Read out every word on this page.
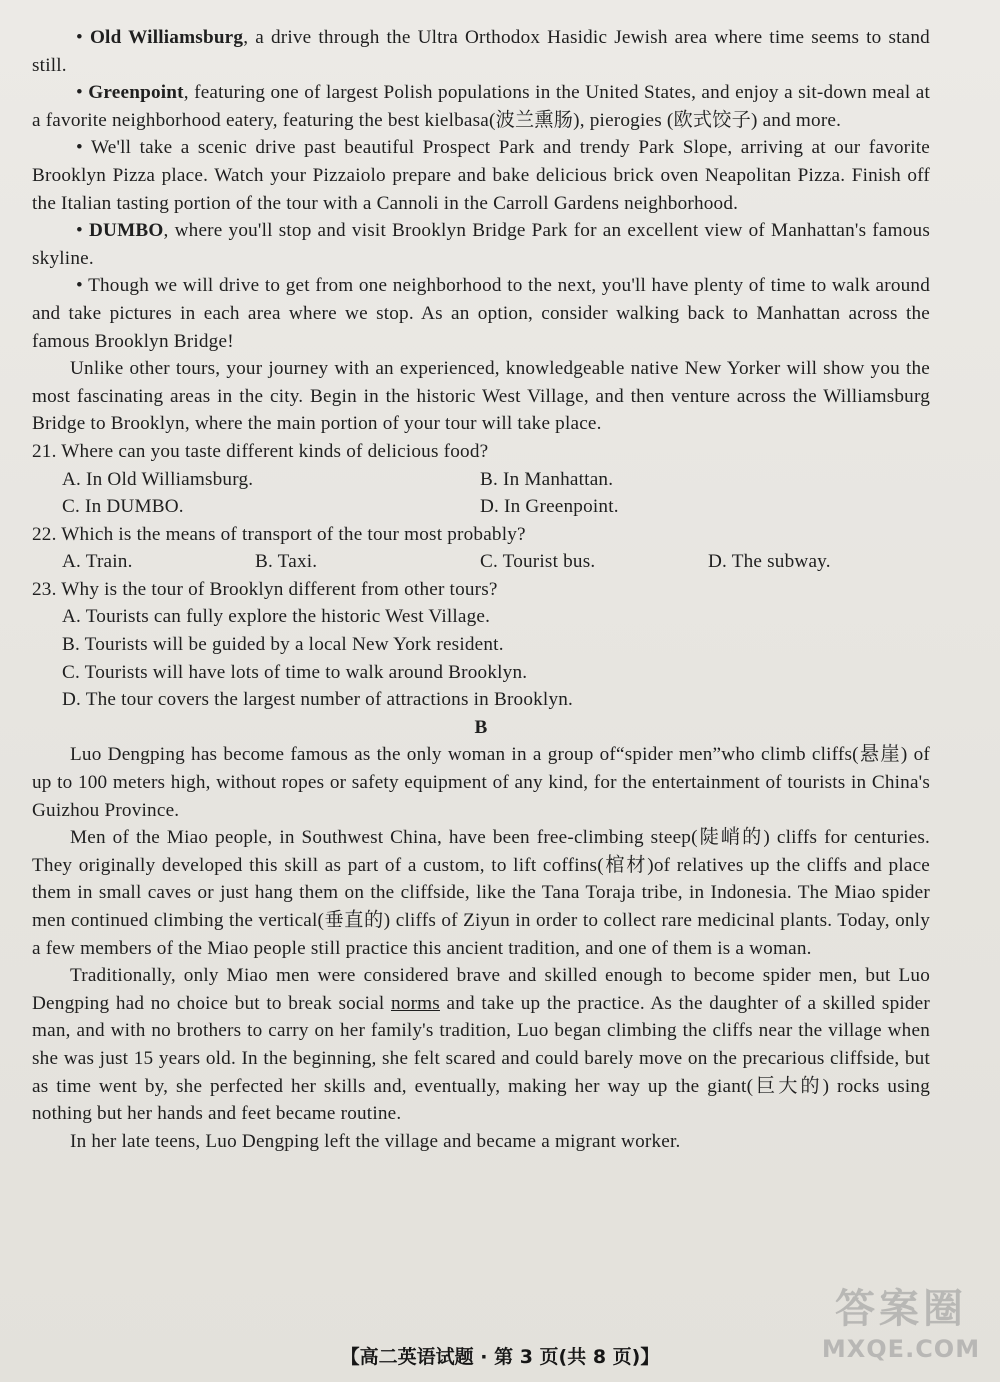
• Old Williamsburg, a drive through the Ultra Orthodox Hasidic Jewish area where time seems to stand still.

• Greenpoint, featuring one of largest Polish populations in the United States, and enjoy a sit-down meal at a favorite neighborhood eatery, featuring the best kielbasa(波兰熏肠), pierogies (欧式饺子) and more.

• We'll take a scenic drive past beautiful Prospect Park and trendy Park Slope, arriving at our favorite Brooklyn Pizza place. Watch your Pizzaiolo prepare and bake delicious brick oven Neapolitan Pizza. Finish off the Italian tasting portion of the tour with a Cannoli in the Carroll Gardens neighborhood.

• DUMBO, where you'll stop and visit Brooklyn Bridge Park for an excellent view of Manhattan's famous skyline.

• Though we will drive to get from one neighborhood to the next, you'll have plenty of time to walk around and take pictures in each area where we stop. As an option, consider walking back to Manhattan across the famous Brooklyn Bridge!

Unlike other tours, your journey with an experienced, knowledgeable native New Yorker will show you the most fascinating areas in the city. Begin in the historic West Village, and then venture across the Williamsburg Bridge to Brooklyn, where the main portion of your tour will take place.

21. Where can you taste different kinds of delicious food?

A. In Old Williamsburg.	B. In Manhattan.
C. In DUMBO.	D. In Greenpoint.

22. Which is the means of transport of the tour most probably?

A. Train.	B. Taxi.	C. Tourist bus.	D. The subway.

23. Why is the tour of Brooklyn different from other tours?

A. Tourists can fully explore the historic West Village.

B. Tourists will be guided by a local New York resident.

C. Tourists will have lots of time to walk around Brooklyn.

D. The tour covers the largest number of attractions in Brooklyn.

B

Luo Dengping has become famous as the only woman in a group of“spider men”who climb cliffs(悬崖) of up to 100 meters high, without ropes or safety equipment of any kind, for the entertainment of tourists in China's Guizhou Province.

Men of the Miao people, in Southwest China, have been free-climbing steep(陡峭的) cliffs for centuries. They originally developed this skill as part of a custom, to lift coffins(棺材)of relatives up the cliffs and place them in small caves or just hang them on the cliffside, like the Tana Toraja tribe, in Indonesia. The Miao spider men continued climbing the vertical(垂直的) cliffs of Ziyun in order to collect rare medicinal plants. Today, only a few members of the Miao people still practice this ancient tradition, and one of them is a woman.

Traditionally, only Miao men were considered brave and skilled enough to become spider men, but Luo Dengping had no choice but to break social norms and take up the practice. As the daughter of a skilled spider man, and with no brothers to carry on her family's tradition, Luo began climbing the cliffs near the village when she was just 15 years old. In the beginning, she felt scared and could barely move on the precarious cliffside, but as time went by, she perfected her skills and, eventually, making her way up the giant(巨大的) rocks using nothing but her hands and feet became routine.

In her late teens, Luo Dengping left the village and became a migrant worker.

【高二英语试题 · 第 3 页(共 8 页)】
答案圈
MXQE.COM
